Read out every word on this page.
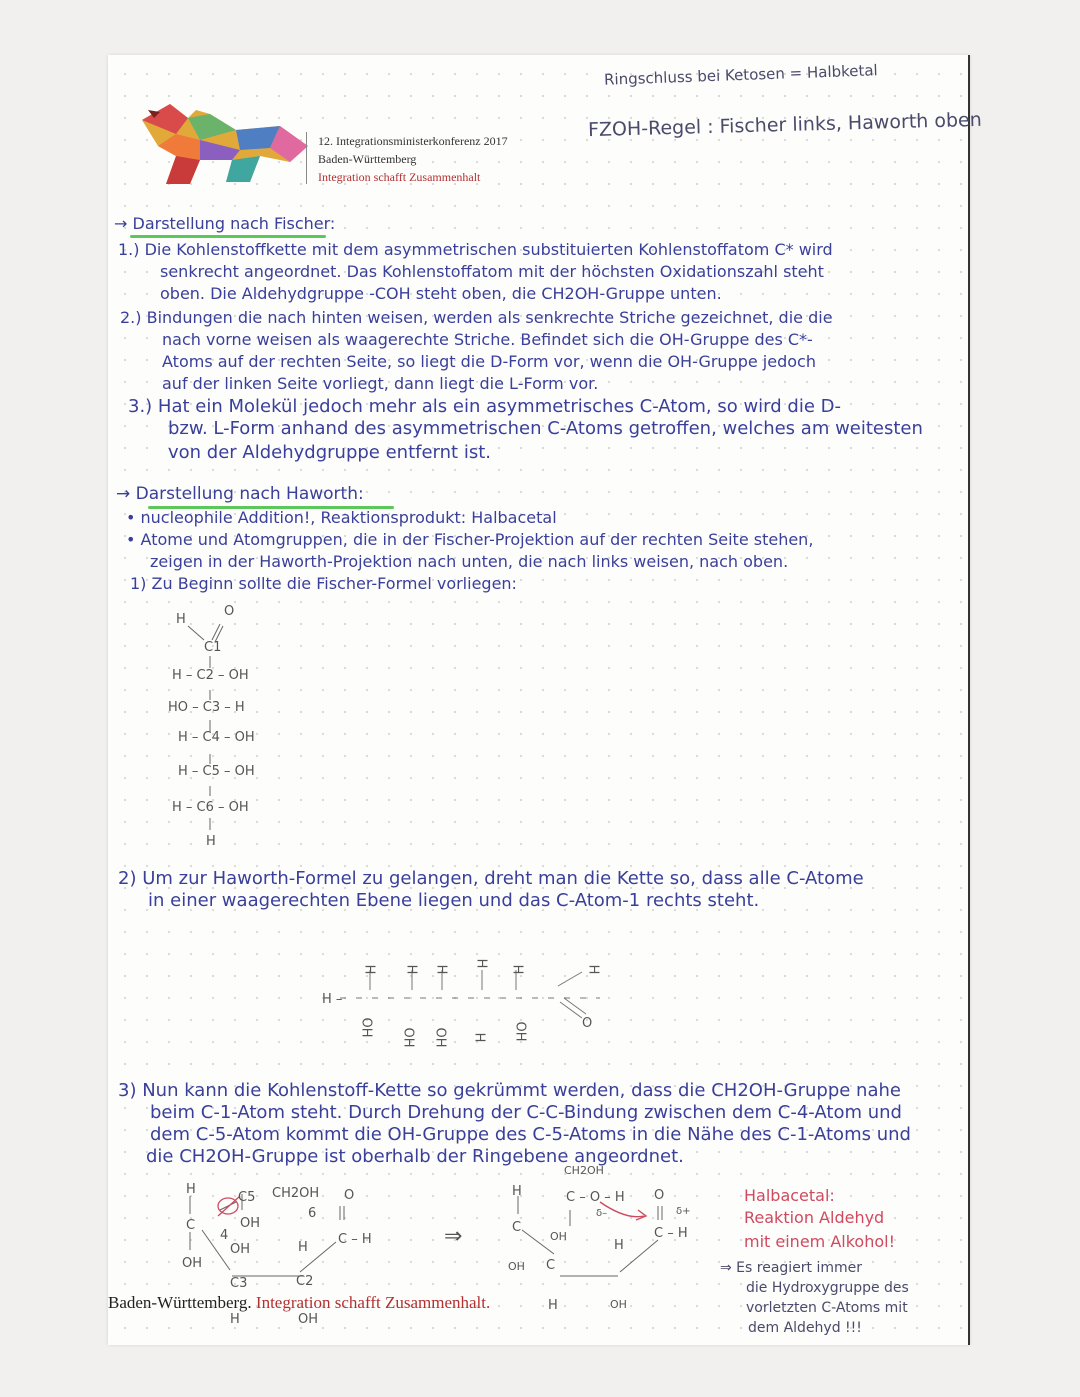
12. Integrationsministerkonferenz 2017
Baden-Württemberg
Integration schafft Zusammenhalt
Ringschluss bei Ketosen = Halbketal
FZOH-Regel : Fischer links, Haworth oben
→ Darstellung nach Fischer:
1.) Die Kohlenstoffkette mit dem asymmetrischen substituierten Kohlenstoffatom C* wird
senkrecht angeordnet. Das Kohlenstoffatom mit der höchsten Oxidationszahl steht
oben. Die Aldehydgruppe -COH steht oben, die CH2OH-Gruppe unten.
2.) Bindungen die nach hinten weisen, werden als senkrechte Striche gezeichnet, die die
nach vorne weisen als waagerechte Striche. Befindet sich die OH-Gruppe des C*-
Atoms auf der rechten Seite, so liegt die D-Form vor, wenn die OH-Gruppe jedoch
auf der linken Seite vorliegt, dann liegt die L-Form vor.
3.) Hat ein Molekül jedoch mehr als ein asymmetrisches C-Atom, so wird die D-
bzw. L-Form anhand des asymmetrischen C-Atoms getroffen, welches am weitesten
von der Aldehydgruppe entfernt ist.
→ Darstellung nach Haworth:
• nucleophile Addition!, Reaktionsprodukt: Halbacetal
• Atome und Atomgruppen, die in der Fischer-Projektion auf der rechten Seite stehen,
zeigen in der Haworth-Projektion nach unten, die nach links weisen, nach oben.
1) Zu Beginn sollte die Fischer-Formel vorliegen:
H
O
C1
H – C2 – OH
HO – C3 – H
H – C4 – OH
H – C5 – OH
H – C6 – OH
H
2) Um zur Haworth-Formel zu gelangen, dreht man die Kette so, dass alle C-Atome
in einer waagerechten Ebene liegen und das C-Atom-1 rechts steht.
H H H
H
H	H
H –
O
OH OH OH H OH
3) Nun kann die Kohlenstoff-Kette so gekrümmt werden, dass die CH2OH-Gruppe nahe
beim C-1-Atom steht. Durch Drehung der C-C-Bindung zwischen dem C-4-Atom und
dem C-5-Atom kommt die OH-Gruppe des C-5-Atoms in die Nähe des C-1-Atoms und
die CH2OH-Gruppe ist oberhalb der Ringebene angeordnet.
H
C
OH
C5 CH2OH
6
O
C – H
OH
OH	H
C3	C2
H	OH
4	⇒
CH2OH
C – O – H
δ–	δ+
O
C – H
OH
H
C
OH C
H
OH
H
Halbacetal:
Reaktion Aldehyd
mit einem Alkohol!
⇒ Es reagiert immer
die Hydroxygruppe des
vorletzten C-Atoms mit
dem Aldehyd !!!
Baden-Württemberg. Integration schafft Zusammenhalt.
